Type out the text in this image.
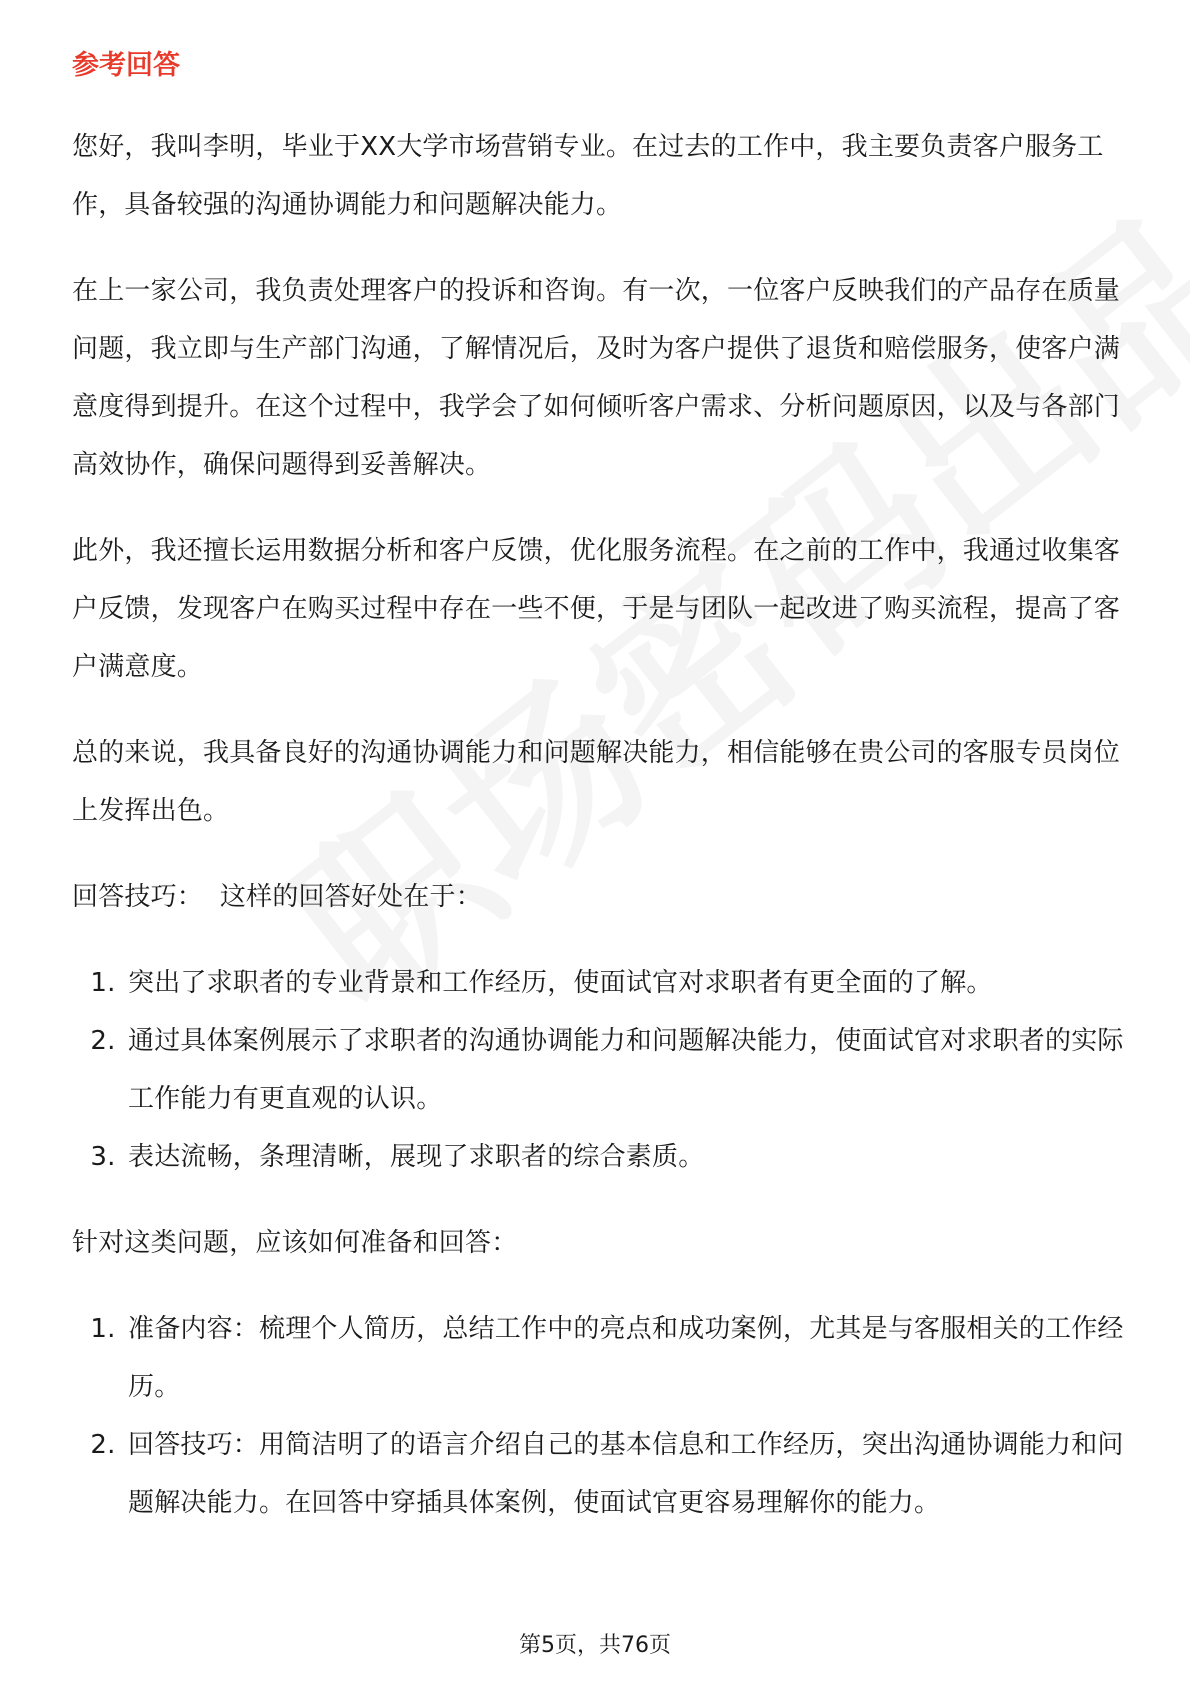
参考回答

您好，我叫李明，毕业于XX大学市场营销专业。在过去的工作中，我主要负责客户服务工作，具备较强的沟通协调能力和问题解决能力。

在上一家公司，我负责处理客户的投诉和咨询。有一次，一位客户反映我们的产品存在质量问题，我立即与生产部门沟通，了解情况后，及时为客户提供了退货和赔偿服务，使客户满意度得到提升。在这个过程中，我学会了如何倾听客户需求、分析问题原因，以及与各部门高效协作，确保问题得到妥善解决。

此外，我还擅长运用数据分析和客户反馈，优化服务流程。在之前的工作中，我通过收集客户反馈，发现客户在购买过程中存在一些不便，于是与团队一起改进了购买流程，提高了客户满意度。

总的来说，我具备良好的沟通协调能力和问题解决能力，相信能够在贵公司的客服专员岗位上发挥出色。

回答技巧：  这样的回答好处在于：

1. 突出了求职者的专业背景和工作经历，使面试官对求职者有更全面的了解。
2. 通过具体案例展示了求职者的沟通协调能力和问题解决能力，使面试官对求职者的实际工作能力有更直观的认识。
3. 表达流畅，条理清晰，展现了求职者的综合素质。

针对这类问题，应该如何准备和回答：

1. 准备内容：梳理个人简历，总结工作中的亮点和成功案例，尤其是与客服相关的工作经历。
2. 回答技巧：用简洁明了的语言介绍自己的基本信息和工作经历，突出沟通协调能力和问题解决能力。在回答中穿插具体案例，使面试官更容易理解你的能力。
第5页，共76页
